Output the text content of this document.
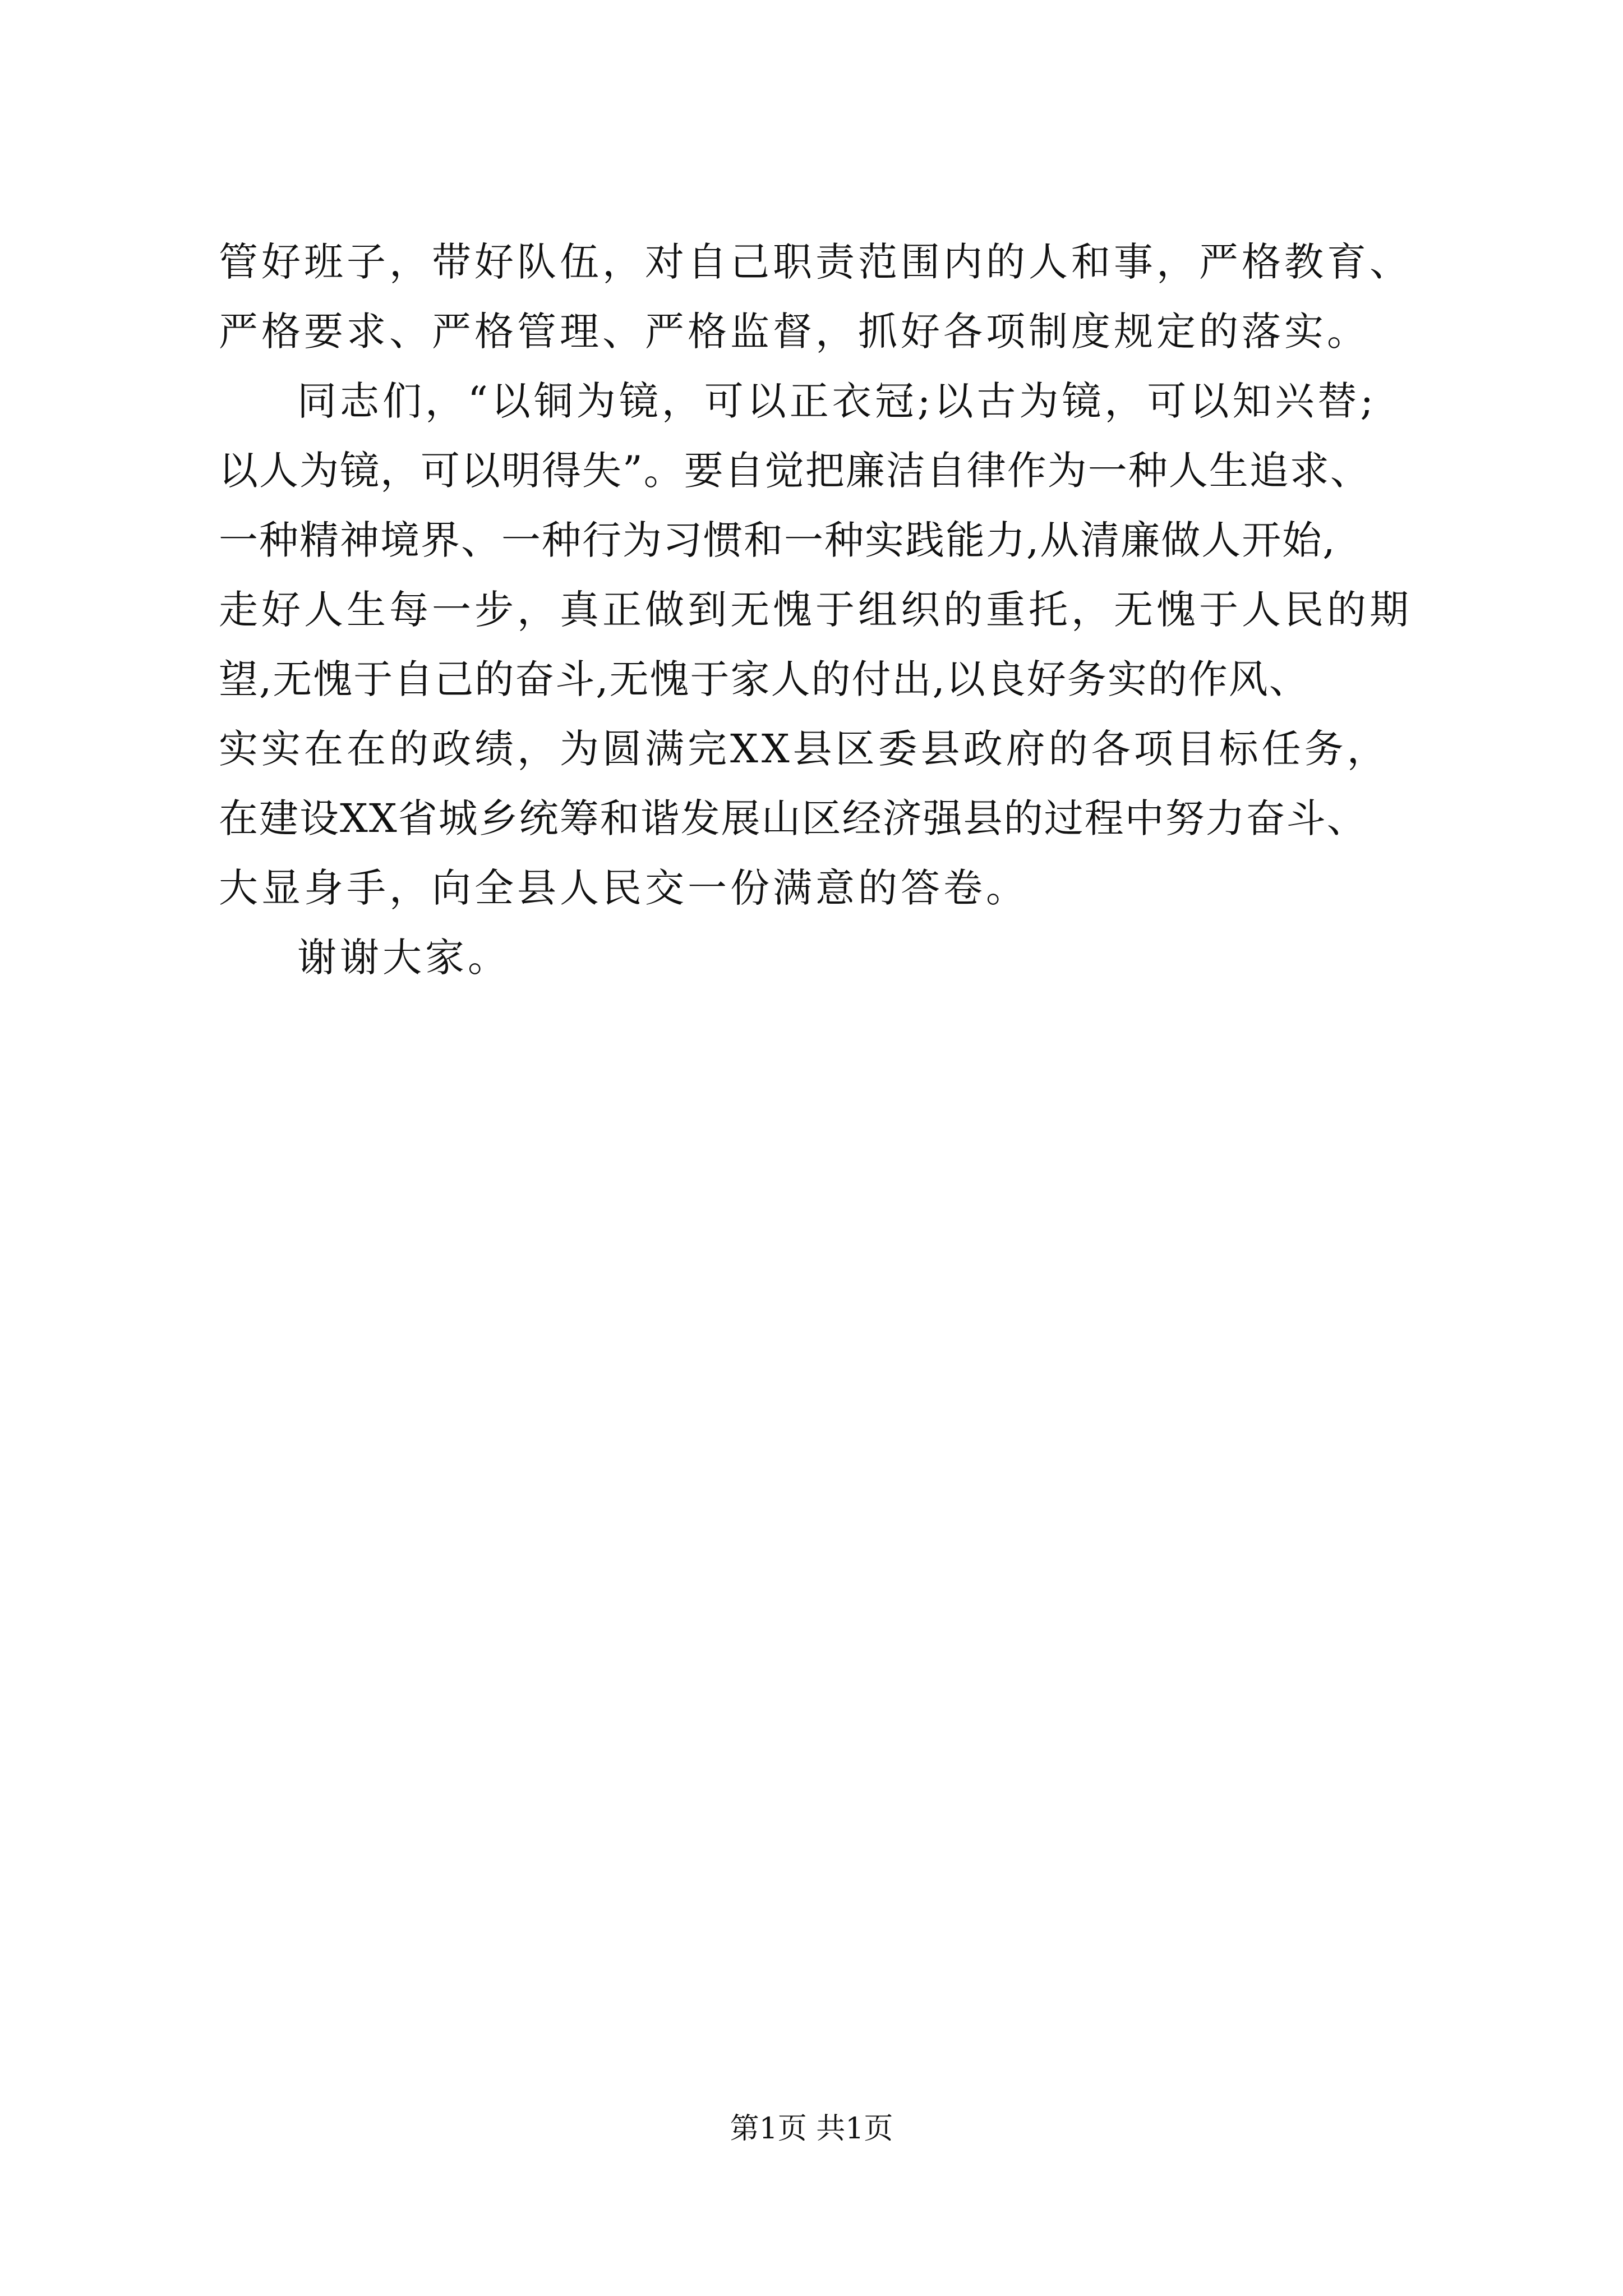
管好班子，带好队伍，对自己职责范围内的人和事，严格教育、
严格要求、严格管理、严格监督，抓好各项制度规定的落实。
同志们，“以铜为镜，可以正衣冠;以古为镜，可以知兴替;
以人为镜，可以明得失”。要自觉把廉洁自律作为一种人生追求、
一种精神境界、一种行为习惯和一种实践能力,从清廉做人开始,
走好人生每一步，真正做到无愧于组织的重托，无愧于人民的期
望,无愧于自己的奋斗,无愧于家人的付出,以良好务实的作风、
实实在在的政绩，为圆满完XX县区委县政府的各项目标任务，
在建设XX省城乡统筹和谐发展山区经济强县的过程中努力奋斗、
大显身手，向全县人民交一份满意的答卷。
谢谢大家。
第1页 共1页
